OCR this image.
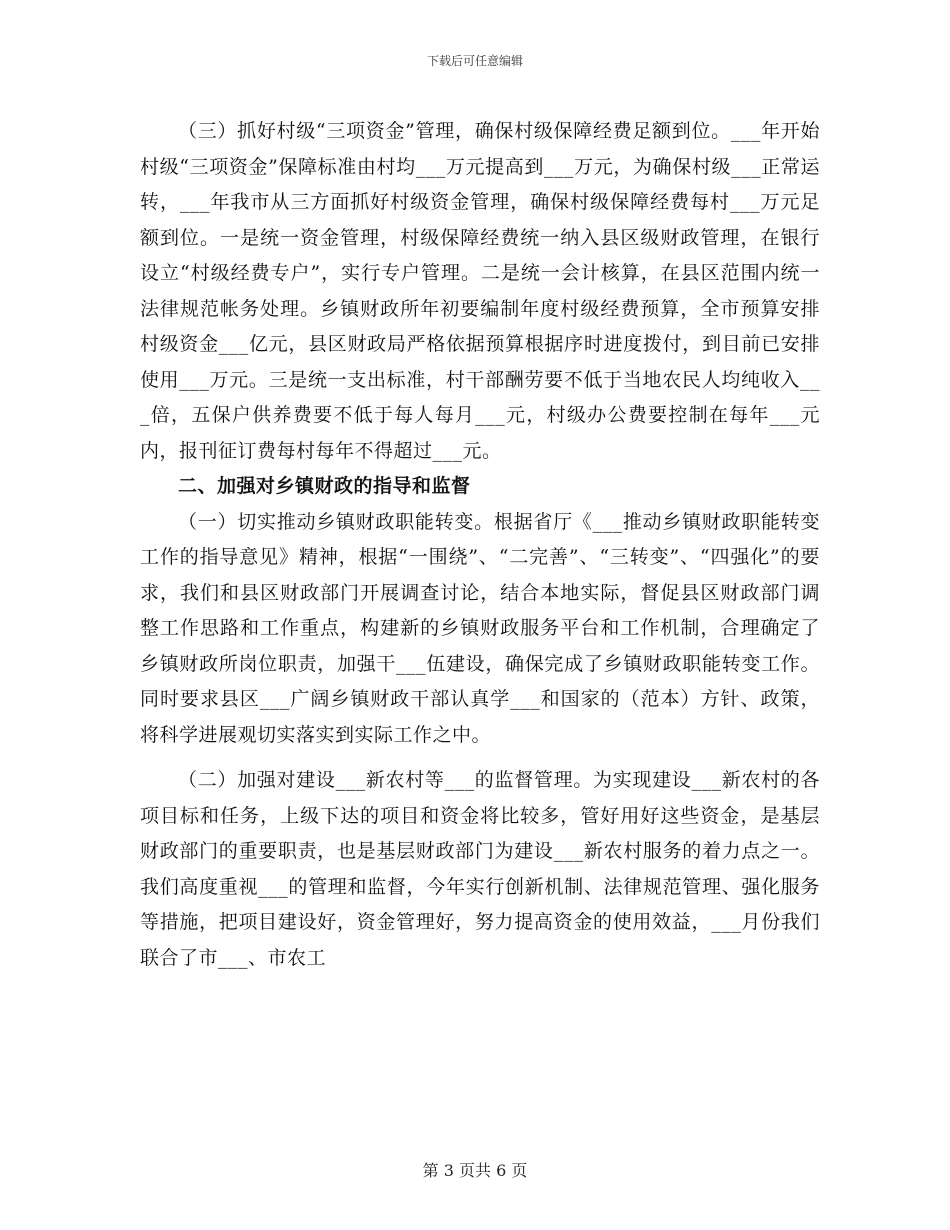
下载后可任意编辑

（三）抓好村级“三项资金”管理，确保村级保障经费足额到位。___年开始村级“三项资金”保障标准由村均___万元提高到___万元，为确保村级___正常运转，___年我市从三方面抓好村级资金管理，确保村级保障经费每村___万元足额到位。一是统一资金管理，村级保障经费统一纳入县区级财政管理，在银行设立“村级经费专户”，实行专户管理。二是统一会计核算，在县区范围内统一法律规范帐务处理。乡镇财政所年初要编制年度村级经费预算，全市预算安排村级资金___亿元，县区财政局严格依据预算根据序时进度拨付，到目前已安排使用___万元。三是统一支出标准，村干部酬劳要不低于当地农民人均纯收入___倍，五保户供养费要不低于每人每月___元，村级办公费要控制在每年___元内，报刊征订费每村每年不得超过___元。

二、加强对乡镇财政的指导和监督

（一）切实推动乡镇财政职能转变。根据省厅《___推动乡镇财政职能转变工作的指导意见》精神，根据“一围绕”、“二完善”、“三转变”、“四强化”的要求，我们和县区财政部门开展调查讨论，结合本地实际，督促县区财政部门调整工作思路和工作重点，构建新的乡镇财政服务平台和工作机制，合理确定了乡镇财政所岗位职责，加强干___伍建设，确保完成了乡镇财政职能转变工作。同时要求县区___广阔乡镇财政干部认真学___和国家的（范本）方针、政策，将科学进展观切实落实到实际工作之中。

（二）加强对建设___新农村等___的监督管理。为实现建设___新农村的各项目标和任务，上级下达的项目和资金将比较多，管好用好这些资金，是基层财政部门的重要职责，也是基层财政部门为建设___新农村服务的着力点之一。我们高度重视___的管理和监督，今年实行创新机制、法律规范管理、强化服务等措施，把项目建设好，资金管理好，努力提高资金的使用效益，___月份我们联合了市___、市农工

第 3 页共 6 页
